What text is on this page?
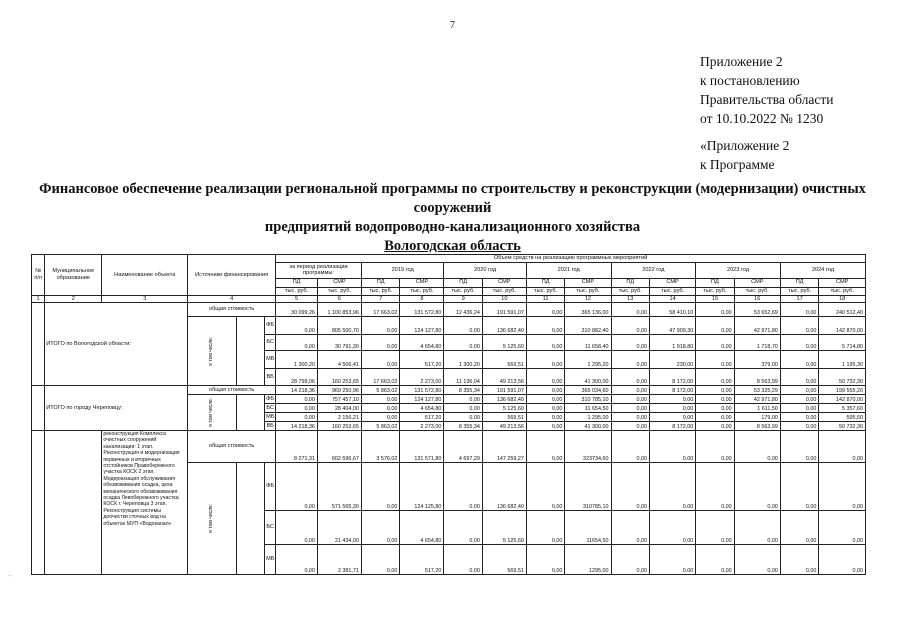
7
Приложение 2
к постановлению
Правительства области
от 10.10.2022 № 1230
«Приложение 2
к Программе
Финансовое обеспечение реализации региональной программы по строительству и реконструкции (модернизации) очистных сооружений
предприятий водопроводно-канализационного хозяйства
Вологодская область
№ п/п	Муниципальное образование	Наименование объекта	Источники финансирования			Объем средств на реализацию программных мероприятий													
						за период реализации программы:		2019 год		2020 год		2021 год		2022 год		2023 год		2024 год	
						ПД	СМР	ПД	СМР	ПД	СМР	ПД	СМР	ПД	СМР	ПД	СМР	ПД	СМР
						тыс. руб.	тыс. руб.	тыс. руб.	тыс. руб.	тыс. руб.	тыс. руб.	тыс. руб.	тыс. руб.	тыс. руб.	тыс. руб.	тыс. руб.	тыс. руб.	тыс. руб.	тыс. руб.
1	2	3	4			5	6	7	8	9	10	11	12	13	14	15	16	17	18
	ИТОГО по Вологодской области:		общая стоимость			30 099,26	1 100 853,96	17 663,02	131 572,80	12 436,24	191 591,07	0,00	365 136,00	0,00	58 410,10	0,00	53 652,69	0,00	240 512,40
			в том числе:		ФБ	0,00	805 500,70	0,00	124 127,80	0,00	136 682,40	0,00	310 882,40	0,00	47 909,30	0,00	42 971,80	0,00	142 870,00
					БС	0,00	30 791,30	0,00	4 654,80	0,00	5 125,60	0,00	11 658,40	0,00	1 918,80	0,00	1 718,70	0,00	5 714,80
					МБ	1 300,20	4 506,41	0,00	517,20	1 300,20	569,51	0,00	1 295,20	0,00	230,00	0,00	379,00	0,00	1 195,30
					ВБ	28 799,06	160 253,65	17 663,02	2 273,00	11 136,04	49 213,56	0,00	41 300,00	0,00	8 172,00	0,00	8 563,99	0,00	50 732,30
	ИТОГО по городу Череповцу:		общая стоимость			14 218,36	969 250,96	5 863,02	131 572,80	8 355,34	191 591,07	0,00	365 034,60	0,00	8 172,00	0,00	53 325,29	0,00	199 555,20
			в том числе:		ФБ	0,00	757 457,10	0,00	124 127,80	0,00	136 682,40	0,00	310 785,10	0,00	0,00	0,00	42 971,80	0,00	142 870,00
					БС	0,00	28 404,00	0,00	4 654,80	0,00	5 125,60	0,00	11 654,50	0,00	0,00	0,00	1 611,50	0,00	5 357,60
					МБ	0,00	2 156,21	0,00	517,20	0,00	569,51	0,00	1 295,00	0,00	0,00	0,00	179,00	0,00	595,50
					ВБ	14 218,36	160 253,65	5 863,02	2 273,00	8 355,34	49 213,56	0,00	41 300,00	0,00	8 172,00	0,00	8 563,99	0,00	50 732,30
		реконструкция Комплекса очистных сооружений канализации: 1 этап. Реконструкция и модернизация первичных и вторичных отстойников Правобережного участка КОСК 2 этап. Модернизация обслуживания обезвоживания осадка, цеха механического обезвоживания осадка Левобережного участка КОСК г. Череповца 3 этап. Реконструкция системы доочистки сточных вод на объектах МУП «Водоканал»	общая стоимость			8 271,31	602 596,67	3 576,02	131 571,80	4 697,29	147 259,27	0,00	323734,60	0,00	0,00	0,00	0,00	0,00	0,00
			в том числе:		ФБ	0,00	571 565,30	0,00	124 125,80	0,00	136 682,40	0,00	310785,10	0,00	0,00	0,00	0,00	0,00	0,00
					БС	0,00	21 434,00	0,00	4 654,80	0,00	5 125,60	0,00	11654,50	0,00	0,00	0,00	0,00	0,00	0,00
					МБ	0,00	2 381,71	0,00	517,20	0,00	569,51	0,00	1295,00	0,00	0,00	0,00	0,00	0,00	0,00
:
